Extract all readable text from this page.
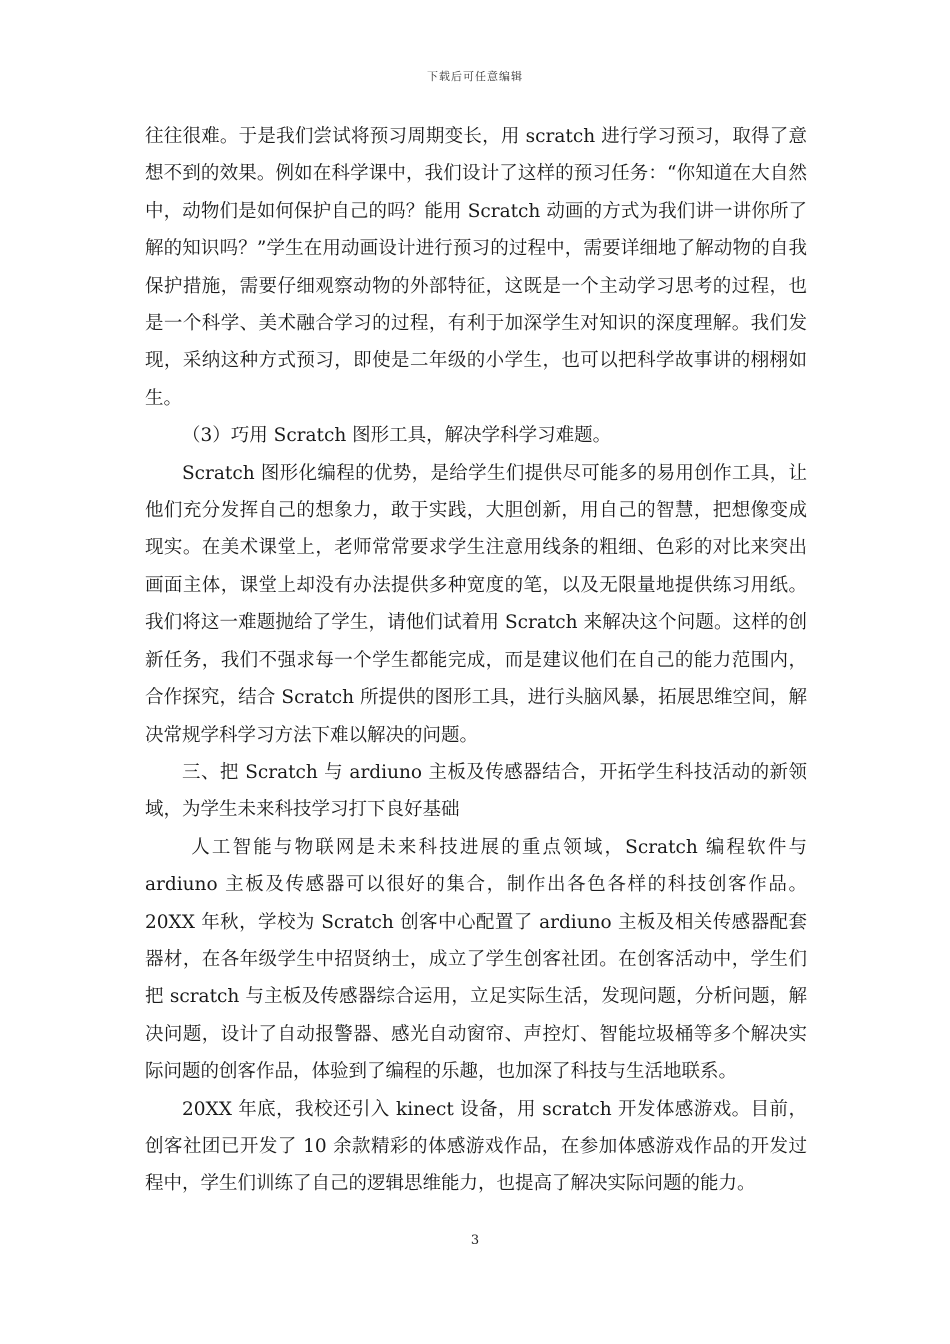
下载后可任意编辑

往往很难。于是我们尝试将预习周期变长，用 scratch 进行学习预习，取得了意想不到的效果。例如在科学课中，我们设计了这样的预习任务：“你知道在大自然中，动物们是如何保护自己的吗？能用 Scratch 动画的方式为我们讲一讲你所了解的知识吗？”学生在用动画设计进行预习的过程中，需要详细地了解动物的自我保护措施，需要仔细观察动物的外部特征，这既是一个主动学习思考的过程，也是一个科学、美术融合学习的过程，有利于加深学生对知识的深度理解。我们发现，采纳这种方式预习，即使是二年级的小学生，也可以把科学故事讲的栩栩如生。

（3）巧用 Scratch 图形工具，解决学科学习难题。

Scratch 图形化编程的优势，是给学生们提供尽可能多的易用创作工具，让他们充分发挥自己的想象力，敢于实践，大胆创新，用自己的智慧，把想像变成现实。在美术课堂上，老师常常要求学生注意用线条的粗细、色彩的对比来突出画面主体，课堂上却没有办法提供多种宽度的笔，以及无限量地提供练习用纸。我们将这一难题抛给了学生，请他们试着用 Scratch 来解决这个问题。这样的创新任务，我们不强求每一个学生都能完成，而是建议他们在自己的能力范围内，合作探究，结合 Scratch 所提供的图形工具，进行头脑风暴，拓展思维空间，解决常规学科学习方法下难以解决的问题。

三、把 Scratch 与 ardiuno 主板及传感器结合，开拓学生科技活动的新领域，为学生未来科技学习打下良好基础

人工智能与物联网是未来科技进展的重点领域，Scratch 编程软件与 ardiuno 主板及传感器可以很好的集合，制作出各色各样的科技创客作品。20XX 年秋，学校为 Scratch 创客中心配置了 ardiuno 主板及相关传感器配套器材，在各年级学生中招贤纳士，成立了学生创客社团。在创客活动中，学生们把 scratch 与主板及传感器综合运用，立足实际生活，发现问题，分析问题，解决问题，设计了自动报警器、感光自动窗帘、声控灯、智能垃圾桶等多个解决实际问题的创客作品，体验到了编程的乐趣，也加深了科技与生活地联系。

20XX 年底，我校还引入 kinect 设备，用 scratch 开发体感游戏。目前，创客社团已开发了 10 余款精彩的体感游戏作品，在参加体感游戏作品的开发过程中，学生们训练了自己的逻辑思维能力，也提高了解决实际问题的能力。

3
